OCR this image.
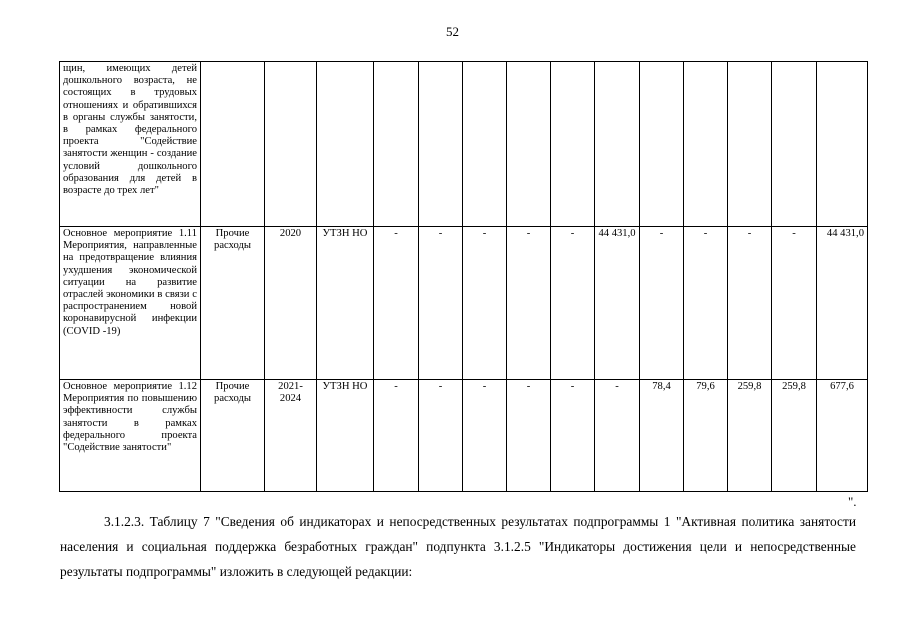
52
щин, имеющих детей дошкольного возраста, не состоящих в трудовых отношениях и обратившихся в органы службы занятости, в рамках федерального проекта "Содействие занятости женщин - создание условий дошкольного образования для детей в возрасте до трех лет"														
Основное мероприятие 1.11 Мероприятия, направленные на предотвращение влияния ухудшения экономической ситуации на развитие отраслей экономики в связи с распространением новой коронавирусной инфекции (COVID -19)	Прочие расходы	2020	УТЗН НО	-	-	-	-	-	44 431,0	-	-	-	-	44 431,0
Основное мероприятие 1.12 Мероприятия по повышению эффективности службы занятости в рамках федерального проекта "Содействие занятости"	Прочие расходы	2021-2024	УТЗН НО	-	-	-	-	-	-	78,4	79,6	259,8	259,8	677,6
".

3.1.2.3. Таблицу 7 "Сведения об индикаторах и непосредственных результатах подпрограммы 1 "Активная политика занятости населения и социальная поддержка безработных граждан" подпункта 3.1.2.5 "Индикаторы достижения цели и непосредственные результаты подпрограммы" изложить в следующей редакции:
